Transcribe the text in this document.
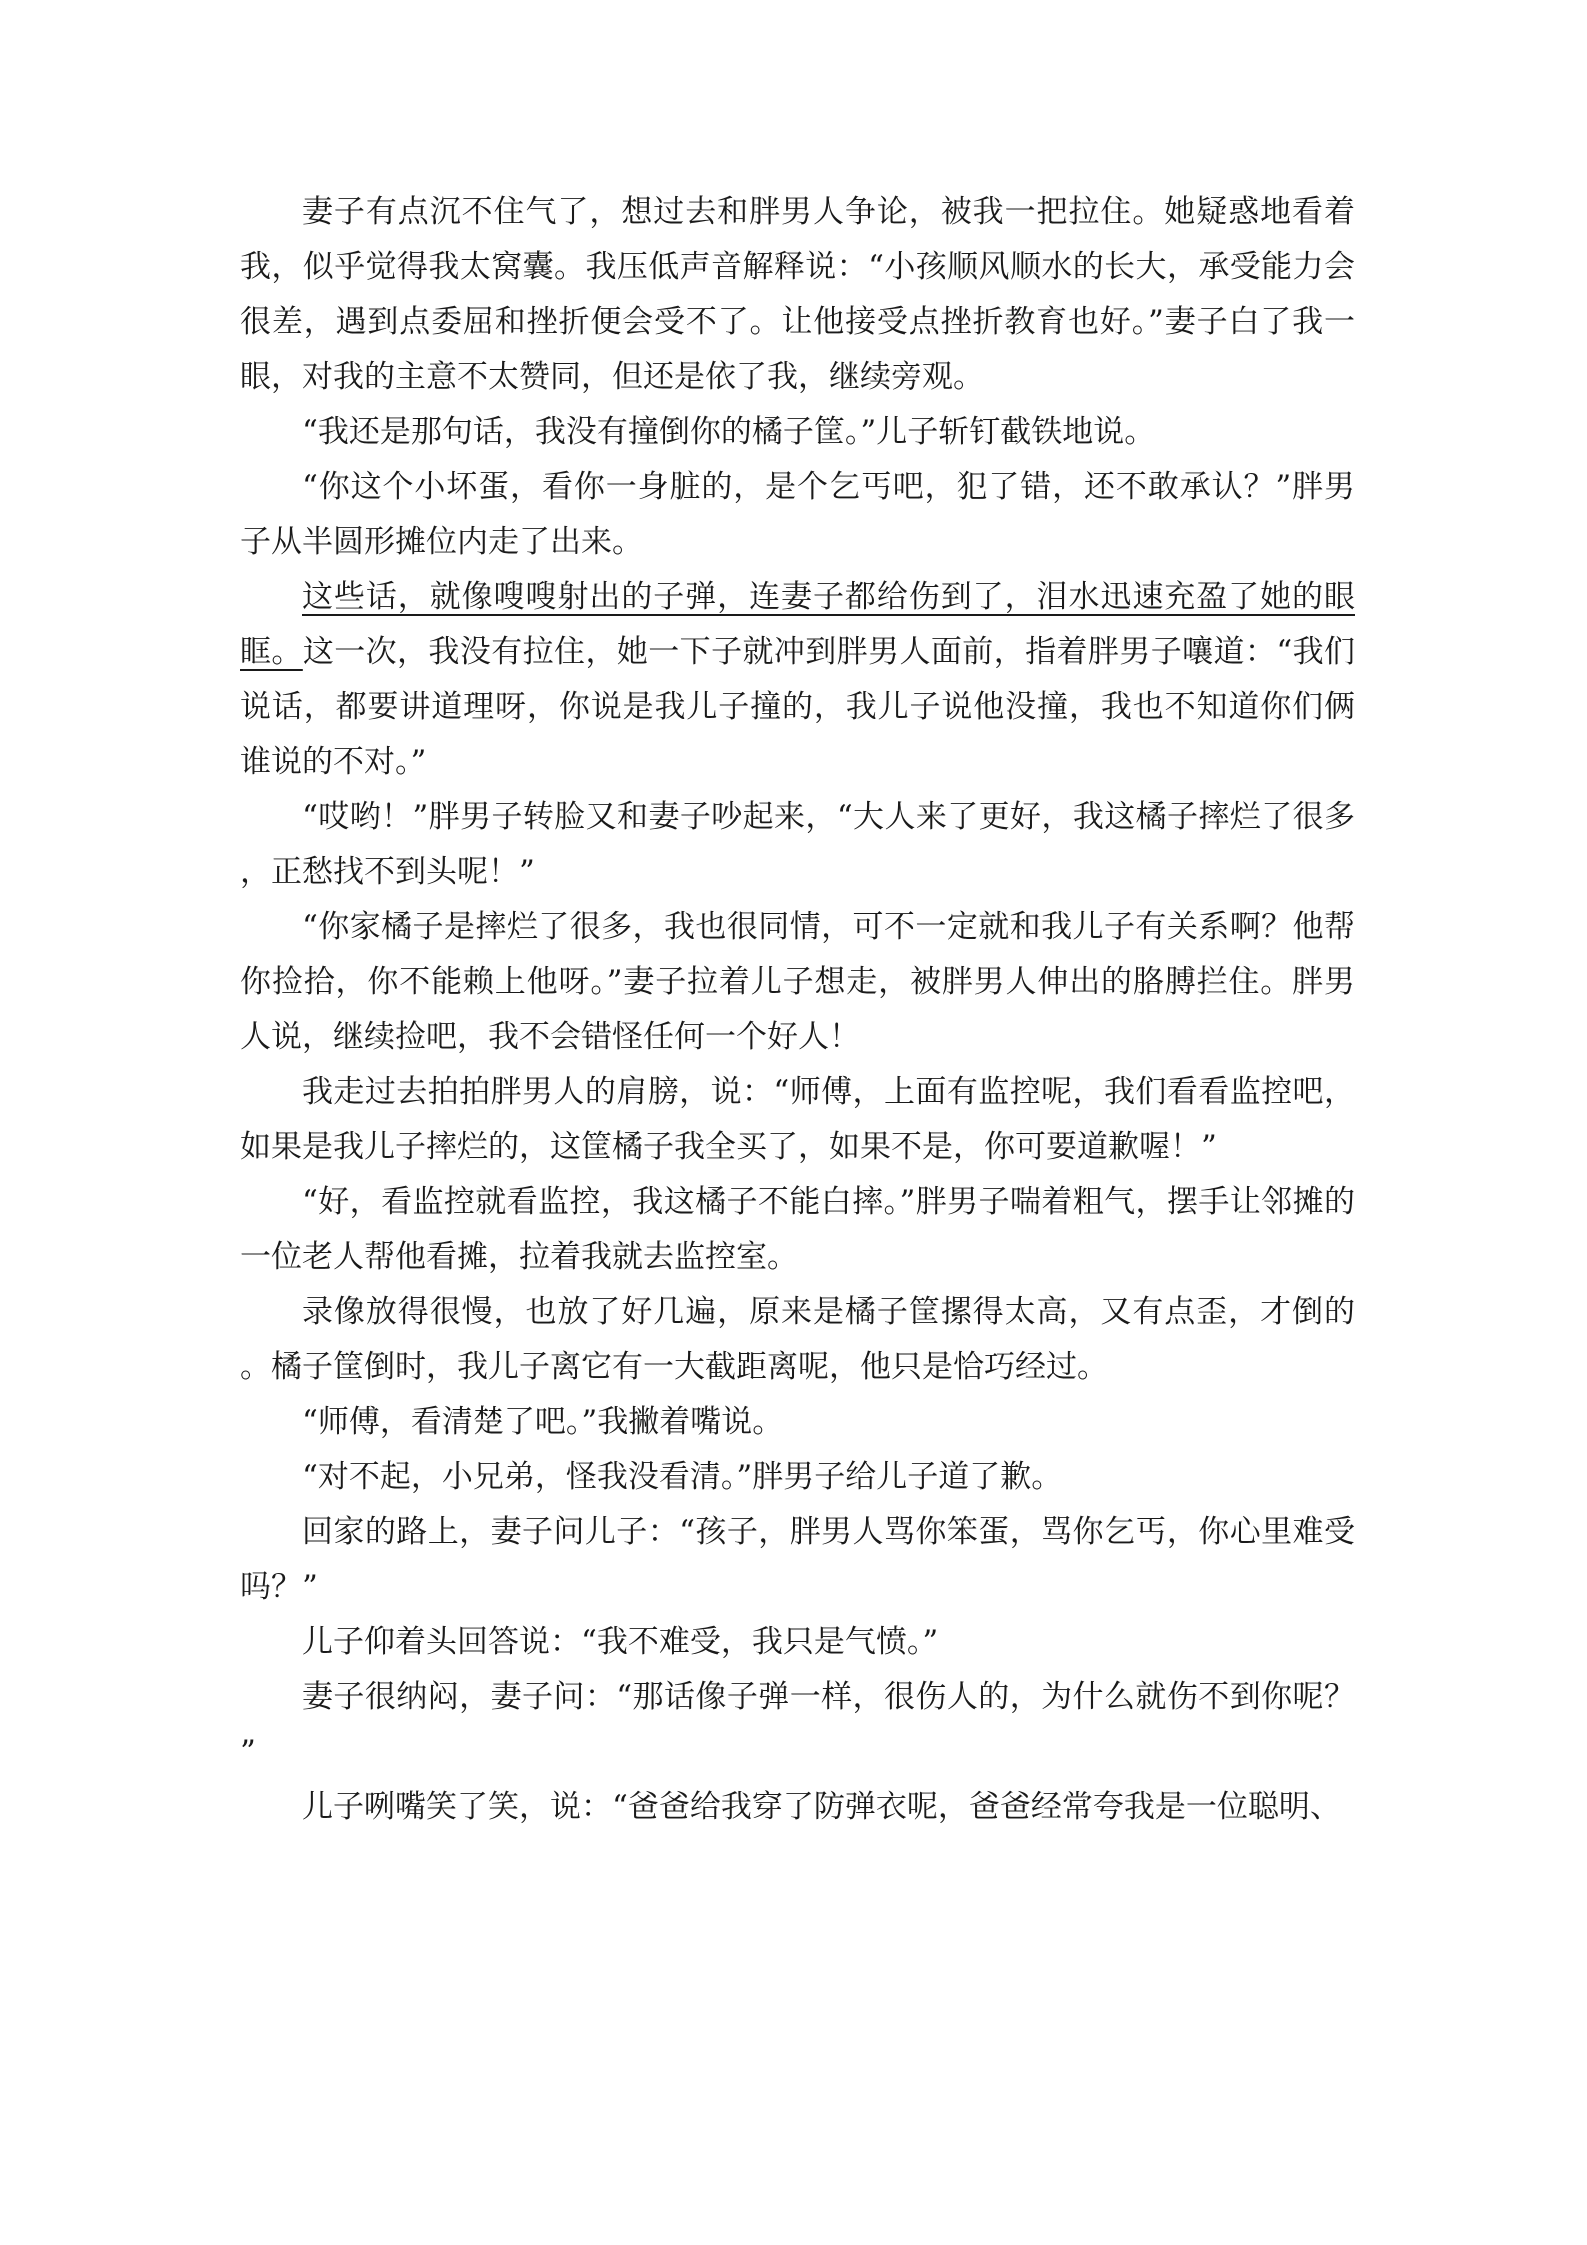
妻子有点沉不住气了，想过去和胖男人争论，被我一把拉住。她疑惑地看着我，似乎觉得我太窝囊。我压低声音解释说：“小孩顺风顺水的长大，承受能力会很差，遇到点委屈和挫折便会受不了。让他接受点挫折教育也好。”妻子白了我一眼，对我的主意不太赞同，但还是依了我，继续旁观。

“我还是那句话，我没有撞倒你的橘子筐。”儿子斩钉截铁地说。

“你这个小坏蛋，看你一身脏的，是个乞丐吧，犯了错，还不敢承认？”胖男子从半圆形摊位内走了出来。

这些话，就像嗖嗖射出的子弹，连妻子都给伤到了，泪水迅速充盈了她的眼眶。这一次，我没有拉住，她一下子就冲到胖男人面前，指着胖男子嚷道：“我们说话，都要讲道理呀，你说是我儿子撞的，我儿子说他没撞，我也不知道你们俩谁说的不对。”

“哎哟！”胖男子转脸又和妻子吵起来，“大人来了更好，我这橘子摔烂了很多，正愁找不到头呢！”

“你家橘子是摔烂了很多，我也很同情，可不一定就和我儿子有关系啊？他帮你捡拾，你不能赖上他呀。”妻子拉着儿子想走，被胖男人伸出的胳膊拦住。胖男人说，继续捡吧，我不会错怪任何一个好人！

我走过去拍拍胖男人的肩膀，说：“师傅，上面有监控呢，我们看看监控吧，如果是我儿子摔烂的，这筐橘子我全买了，如果不是，你可要道歉喔！”

“好，看监控就看监控，我这橘子不能白摔。”胖男子喘着粗气，摆手让邻摊的一位老人帮他看摊，拉着我就去监控室。

录像放得很慢，也放了好几遍，原来是橘子筐摞得太高，又有点歪，才倒的。橘子筐倒时，我儿子离它有一大截距离呢，他只是恰巧经过。

“师傅，看清楚了吧。”我撇着嘴说。

“对不起，小兄弟，怪我没看清。”胖男子给儿子道了歉。

回家的路上，妻子问儿子：“孩子，胖男人骂你笨蛋，骂你乞丐，你心里难受吗？”

儿子仰着头回答说：“我不难受，我只是气愤。”

妻子很纳闷，妻子问：“那话像子弹一样，很伤人的，为什么就伤不到你呢？”

儿子咧嘴笑了笑，说：“爸爸给我穿了防弹衣呢，爸爸经常夸我是一位聪明、
